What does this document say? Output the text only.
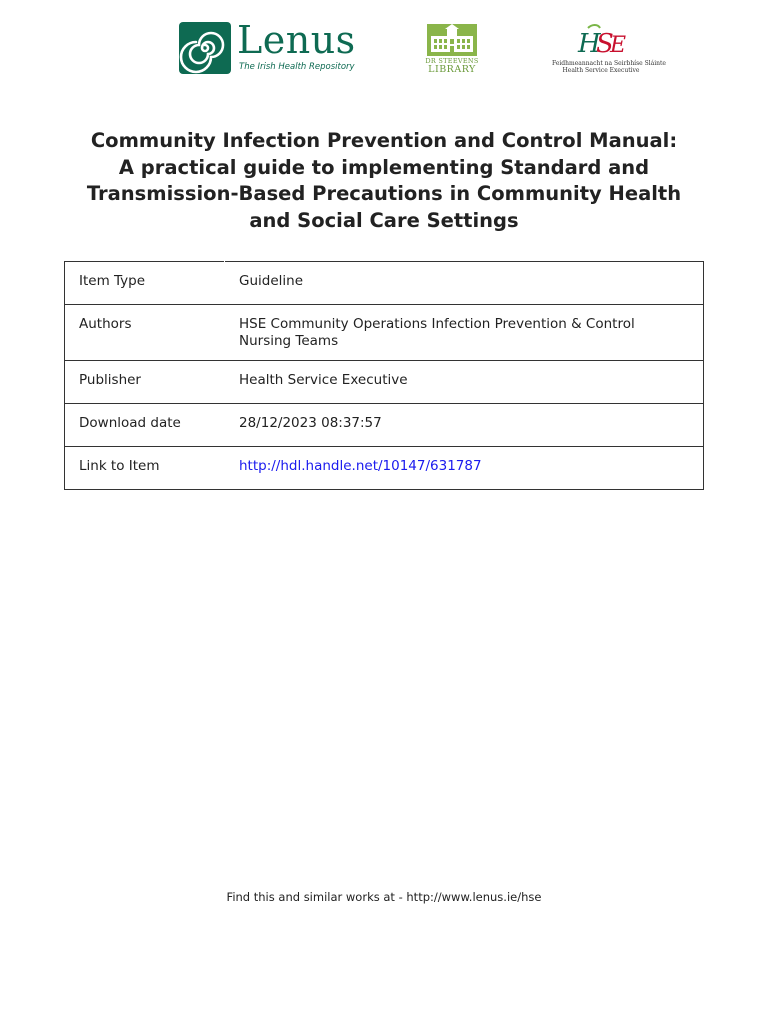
Lenus
The Irish Health Repository
DR STEEVENS
LIBRARY
H
S
E
Feidhmeannacht na Seirbhíse Sláinte
Health Service Executive
Community Infection Prevention and Control Manual: A practical guide to implementing Standard and Transmission-Based Precautions in Community Health and Social Care Settings
Item Type	Guideline
Authors	HSE Community Operations Infection Prevention & Control Nursing Teams
Publisher	Health Service Executive
Download date	28/12/2023 08:37:57
Link to Item	http://hdl.handle.net/10147/631787
Find this and similar works at - http://www.lenus.ie/hse
